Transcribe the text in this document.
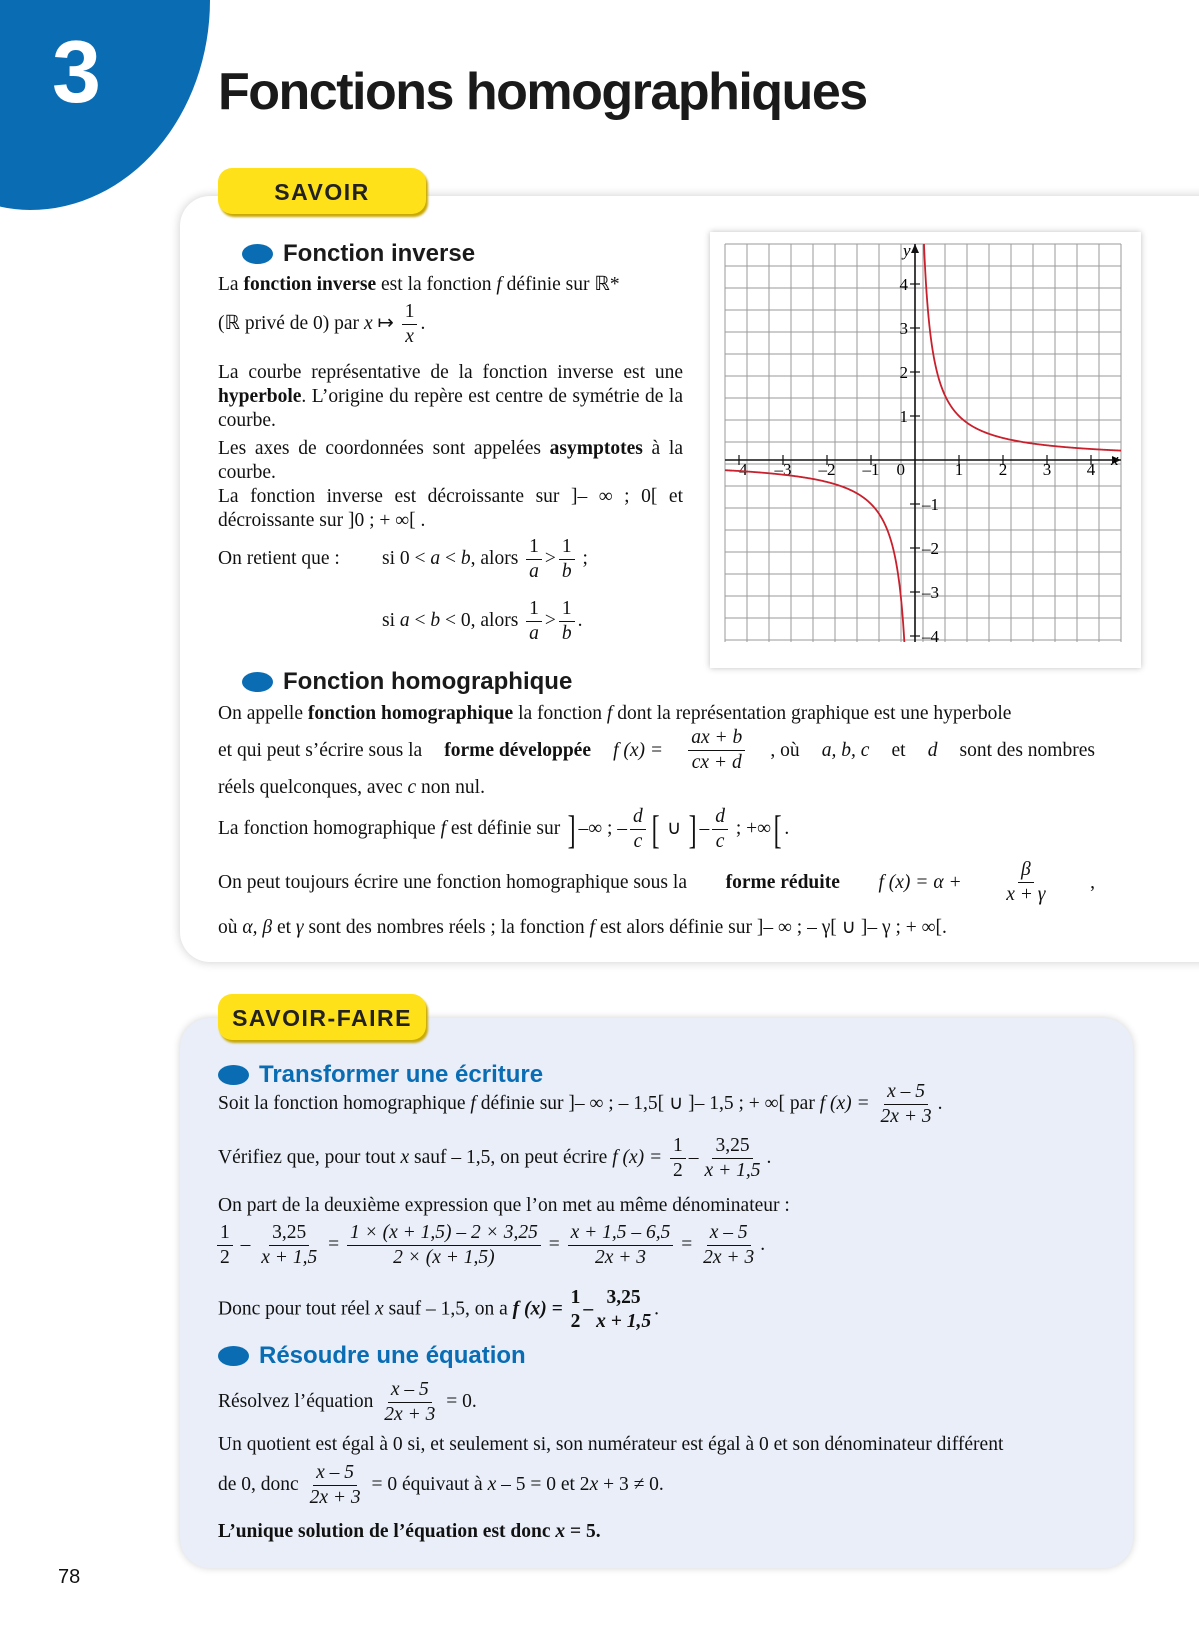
3 Fonctions homographiques
SAVOIR
Fonction inverse

La fonction inverse est la fonction f définie sur ℝ*

(ℝ privé de 0) par x ↦ $\frac{1}{x}$ .

La courbe représentative de la fonction inverse est une hyperbole. L’origine du repère est centre de symétrie de la courbe.

Les axes de coordonnées sont appelées asymptotes à la courbe.

La fonction inverse est décroissante sur ]– ∞ ; 0[ et décroissante sur ]0 ; + ∞[ .

On retient que : si 0 < a < b, alors $\frac{1}{a} > \frac{1}{b}$ ;

si a < b < 0, alors $\frac{1}{a} > \frac{1}{b}$ .

–4 –3 –2 –1	1 2 3 4
4
3
2
1
–1
–2
–3
–4
0
x
y
Fonction homographique

On appelle fonction homographique la fonction f dont la représentation graphique est une hyperbole

et qui peut s’écrire sous la forme développée f $(x) = \frac{ax + b}{cx + d}$ , où a, b, c et d sont des nombres

réels quelconques, avec c non nul.

La fonction homographique f est définie sur ] –∞ ; – $\frac{d}{c}$ [ ∪ ] – $\frac{d}{c}$ ; +∞[ .

On peut toujours écrire une fonction homographique sous la forme réduite f $(x) = \alpha + \frac{\beta}{x + \gamma}$ ,

où α, β et γ sont des nombres réels ; la fonction f est alors définie sur ]– ∞ ; – γ[ ∪ ]– γ ; + ∞[.

SAVOIR-FAIRE
Transformer une écriture

Soit la fonction homographique f définie sur ]– ∞ ; – 1,5[ ∪ ]– 1,5 ; + ∞[ par f $(x) = \frac{x - 5}{2x + 3}$ .

Vérifiez que, pour tout x sauf – 1,5, on peut écrire f $(x) = \frac{1}{2} - \frac{3,25}{x + 1,5}$ .

On part de la deuxième expression que l’on met au même dénominateur :

$\frac{1}{2} - \frac{3,25}{x + 1,5} = \frac{1 \times (x + 1,5) - 2 \times 3,25}{2 \times (x + 1,5)} = \frac{x + 1,5 - 6,5}{2x + 3} = \frac{x - 5}{2x + 3}$ .

Donc pour tout réel x sauf – 1,5, on a f (x) =
1
2
–
3,25
x + 1,5
.

Résoudre une équation

Résolvez l’équation $\frac{x - 5}{2x + 3} = 0$.

Un quotient est égal à 0 si, et seulement si, son numérateur est égal à 0 et son dénominateur différent

de 0, donc $\frac{x - 5}{2x + 3} = 0$ équivaut à x – 5 = 0 et 2x + 3 ≠ 0.

L’unique solution de l’équation est donc x = 5.

78
